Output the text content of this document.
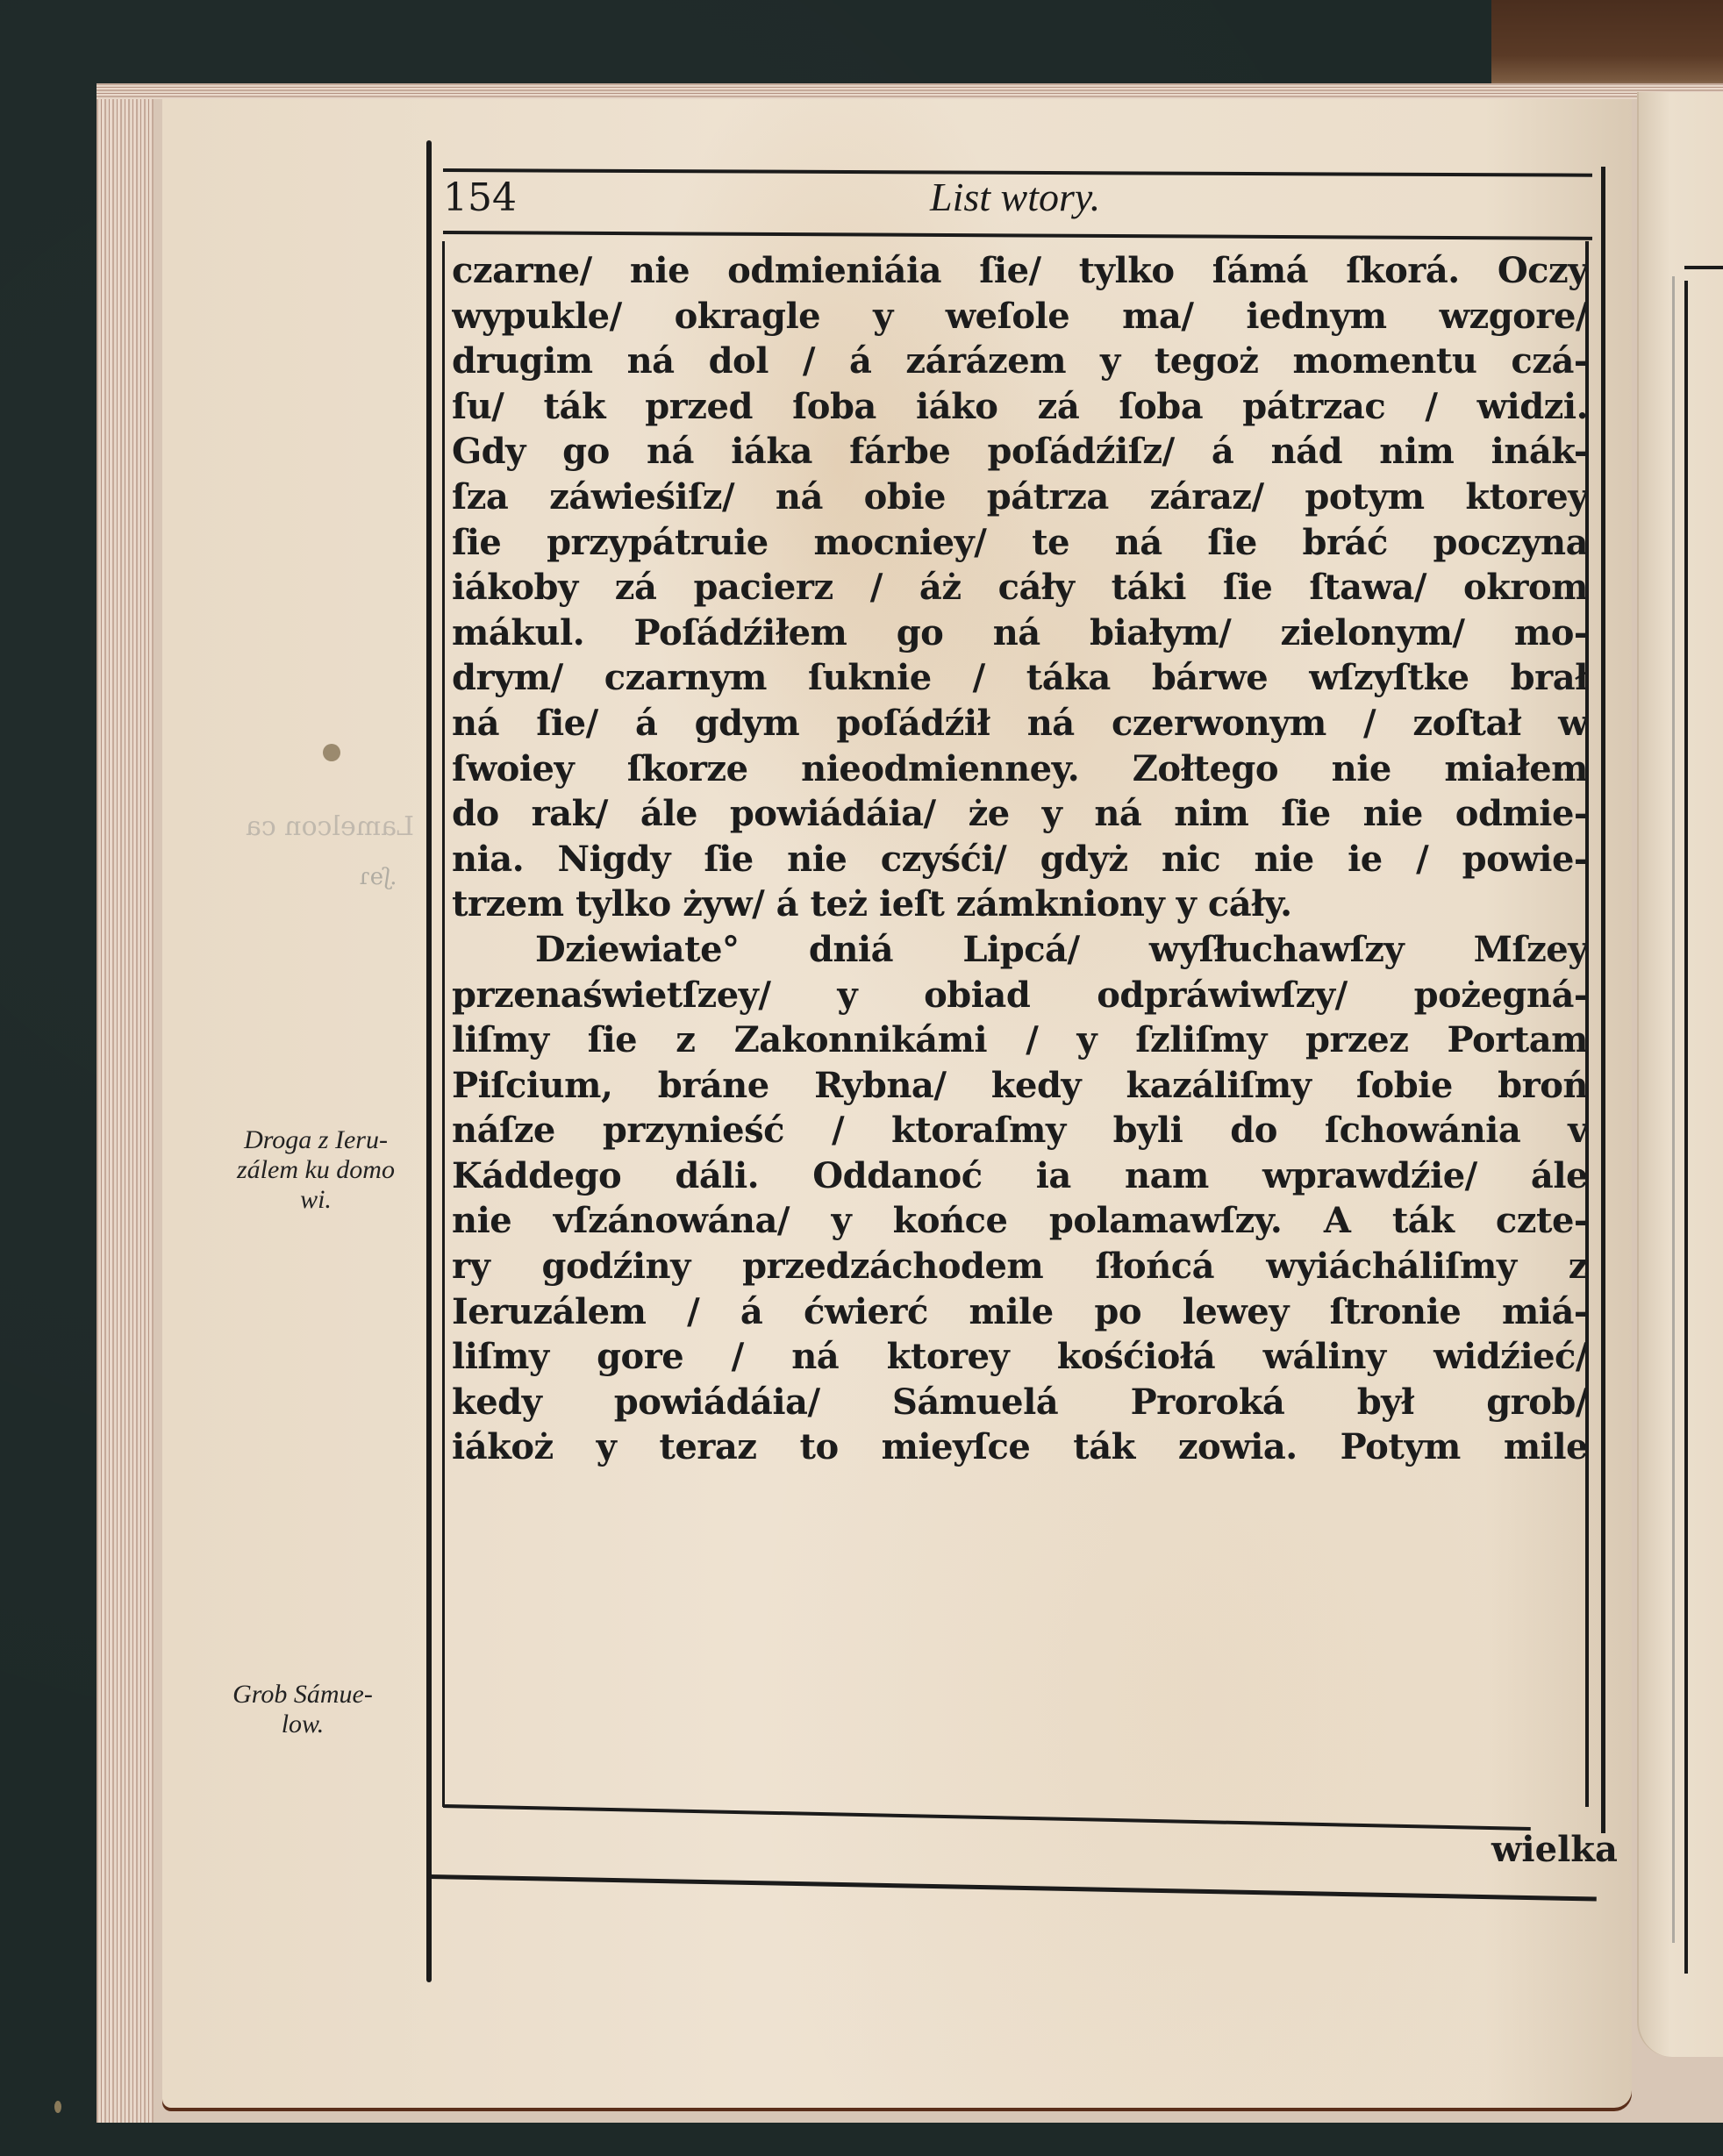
Lamelcon ca
.ʃɘɿ
154	List wtory.
czarne/ nie odmieniáia ſie/ tylko ſámá ſkorá. Oczy
wypukle/ okragle y weſole ma/ iednym wzgore/
drugim ná dol / á zárázem y tegoż momentu czá-
ſu/ ták przed ſoba iáko zá ſoba pátrzac / widzi.
Gdy go ná iáka fárbe poſádźiſz/ á nád nim inák-
ſza záwieśiſz/ ná obie pátrza záraz/ potym ktorey
ſie przypátruie mocniey/ te ná ſie bráć poczyna
iákoby zá pacierz / áż cáły táki ſie ſtawa/ okrom
mákul. Poſádźiłem go ná białym/ zielonym/ mo-
drym/ czarnym ſuknie / táka bárwe wſzyſtke brał
ná ſie/ á gdym poſádźił ná czerwonym / zoſtał w
ſwoiey ſkorze nieodmienney. Zołtego nie miałem
do rak/ ále powiádáia/ że y ná nim ſie nie odmie-
nia. Nigdy ſie nie czyśći/ gdyż nic nie ie / powie-
trzem tylko żyw/ á też ieſt zámkniony y cáły.
Dziewiate° dniá Lipcá/ wyſłuchawſzy Mſzey
przenaświetſzey/ y obiad odpráwiwſzy/ pożegná-
liſmy ſie z Zakonnikámi / y ſzliſmy przez Portam
Piſcium, bráne Rybna/ kedy kazáliſmy ſobie broń
náſze przynieść / ktoraſmy byli do ſchowánia v
Káddego dáli. Oddanoć ia nam wprawdźie/ ále
nie vſzánowána/ y końce polamawſzy. A ták czte-
ry godźiny przedzáchodem ſłońcá wyiácháliſmy z
Ieruzálem / á ćwierć mile po lewey ſtronie miá-
liſmy gore / ná ktorey kośćiołá wáliny widźieć/
kedy powiádáia/ Sámuelá Proroká był grob/
iákoż y teraz to mieyſce ták zowia. Potym mile
wielka
Droga z Ieru-
zálem ku domo
wi.
Grob Sámue-
low.
